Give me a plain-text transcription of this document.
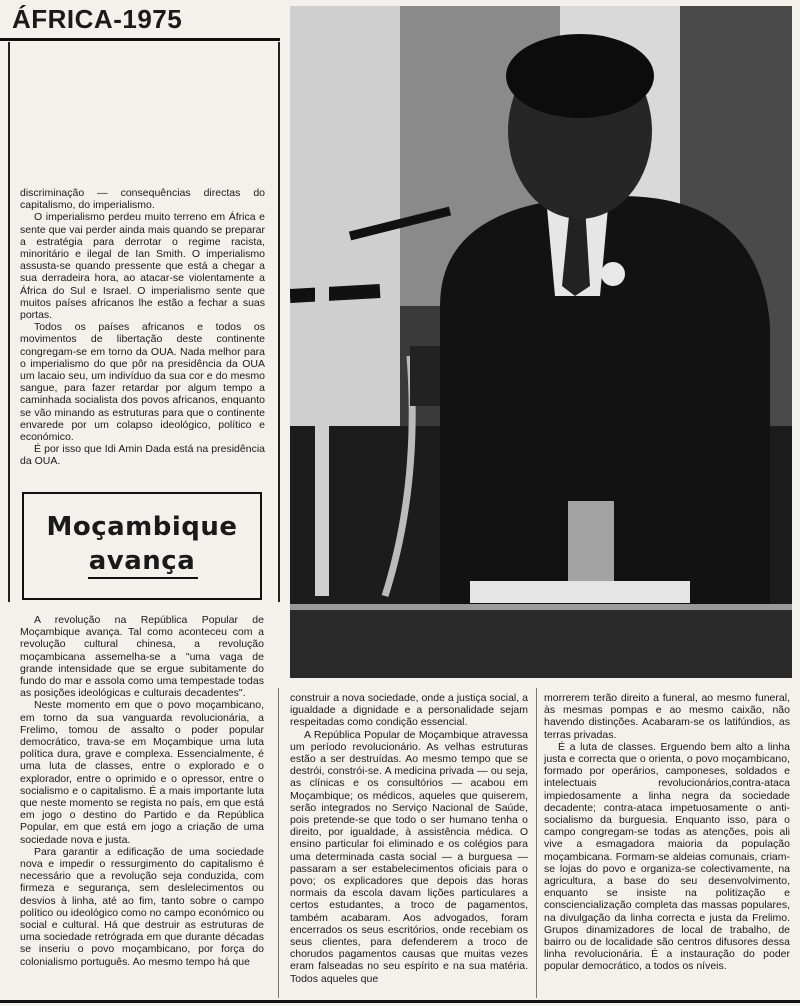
ÁFRICA-1975

discriminação — consequências directas do capitalismo, do imperialismo.

O imperialismo perdeu muito terreno em África e sente que vai perder ainda mais quando se preparar a estratégia para derrotar o regime racista, minoritário e ilegal de Ian Smith. O imperialismo assusta-se quando pressente que está a chegar a sua derradeira hora, ao atacar-se violentamente a África do Sul e Israel. O imperialismo sente que muitos países africanos lhe estão a fechar a suas portas.

Todos os países africanos e todos os movimentos de libertação deste continente congregam-se em torno da OUA. Nada melhor para o imperialismo do que pôr na presidência da OUA um lacaio seu, um indivíduo da sua cor e do mesmo sangue, para fazer retardar por algum tempo a caminhada socialista dos povos africanos, enquanto se vão minando as estruturas para que o continente envarede por um colapso ideológico, político e económico.

É por isso que Idi Amin Dada está na presidência da OUA.

Moçambique
avança

A revolução na República Popular de Moçambique avança. Tal como aconteceu com a revolução cultural chinesa, a revolução moçambicana assemelha-se a "uma vaga de grande intensidade que se ergue subitamente do fundo do mar e assola como uma tempestade todas as posições ideológicas e culturais decadentes".

Neste momento em que o povo moçambicano, em torno da sua vanguarda revolucionária, a Frelimo, tomou de assalto o poder popular democrático, trava-se em Moçambique uma luta política dura, grave e complexa. Essencialmente, é uma luta de classes, entre o explorado e o explorador, entre o oprimido e o opressor, entre o socialismo e o capitalismo. É a mais importante luta que neste momento se regista no país, em que está em jogo o destino do Partido e da República Popular, em que está em jogo a criação de uma sociedade nova e justa.

Para garantir a edificação de uma sociedade nova e impedir o ressurgimento do capitalismo é necessário que a revolução seja conduzida, com firmeza e segurança, sem deslelecimentos ou desvios à linha, até ao fim, tanto sobre o campo político ou ideológico como no campo económico ou social e cultural. Há que destruir as estruturas de uma sociedade retrógrada em que durante décadas se inseriu o povo moçambicano, por força do colonialismo português. Ao mesmo tempo há que

construir a nova sociedade, onde a justiça social, a igualdade a dignidade e a personalidade sejam respeitadas como condição essencial.

A República Popular de Moçambique atravessa um período revolucionário. As velhas estruturas estão a ser destruídas. Ao mesmo tempo que se destrói, constrói-se. A medicina privada — ou seja, as clínicas e os consultórios — acabou em Moçambique; os médicos, aqueles que quiserem, serão integrados no Serviço Nacional de Saúde, pois pretende-se que todo o ser humano tenha o direito, por igualdade, à assistência médica. O ensino particular foi eliminado e os colégios para uma determinada casta social — a burguesa — passaram a ser estabelecimentos oficiais para o povo; os explicadores que depois das horas normais da escola davam lições particulares a certos estudantes, a troco de pagamentos, também acabaram. Aos advogados, foram encerrados os seus escritórios, onde recebiam os seus clientes, para defenderem a troco de chorudos pagamentos causas que muitas vezes eram falseadas no seu espírito e na sua matéria. Todos aqueles que

morrerem terão direito a funeral, ao mesmo funeral, às mesmas pompas e ao mesmo caixão, não havendo distinções. Acabaram-se os latifúndios, as terras privadas.

É a luta de classes. Erguendo bem alto a linha justa e correcta que o orienta, o povo moçambicano, formado por operários, camponeses, soldados e intelectuais revolucionários,contra-ataca impiedosamente a linha negra da sociedade decadente; contra-ataca impetuosamente o anti-socialismo da burguesia. Enquanto isso, para o campo congregam-se todas as atenções, pois ali vive a esmagadora maioria da população moçambicana. Formam-se aldeias comunais, criam-se lojas do povo e organiza-se colectivamente, na agricultura, a base do seu desenvolvimento, enquanto se insiste na politização e consciencialização completa das massas populares, na divulgação da linha correcta e justa da Frelimo. Grupos dinamizadores de local de trabalho, de bairro ou de localidade são centros difusores dessa linha revolucionária. É a instauração do poder popular democrático, a todos os níveis.
